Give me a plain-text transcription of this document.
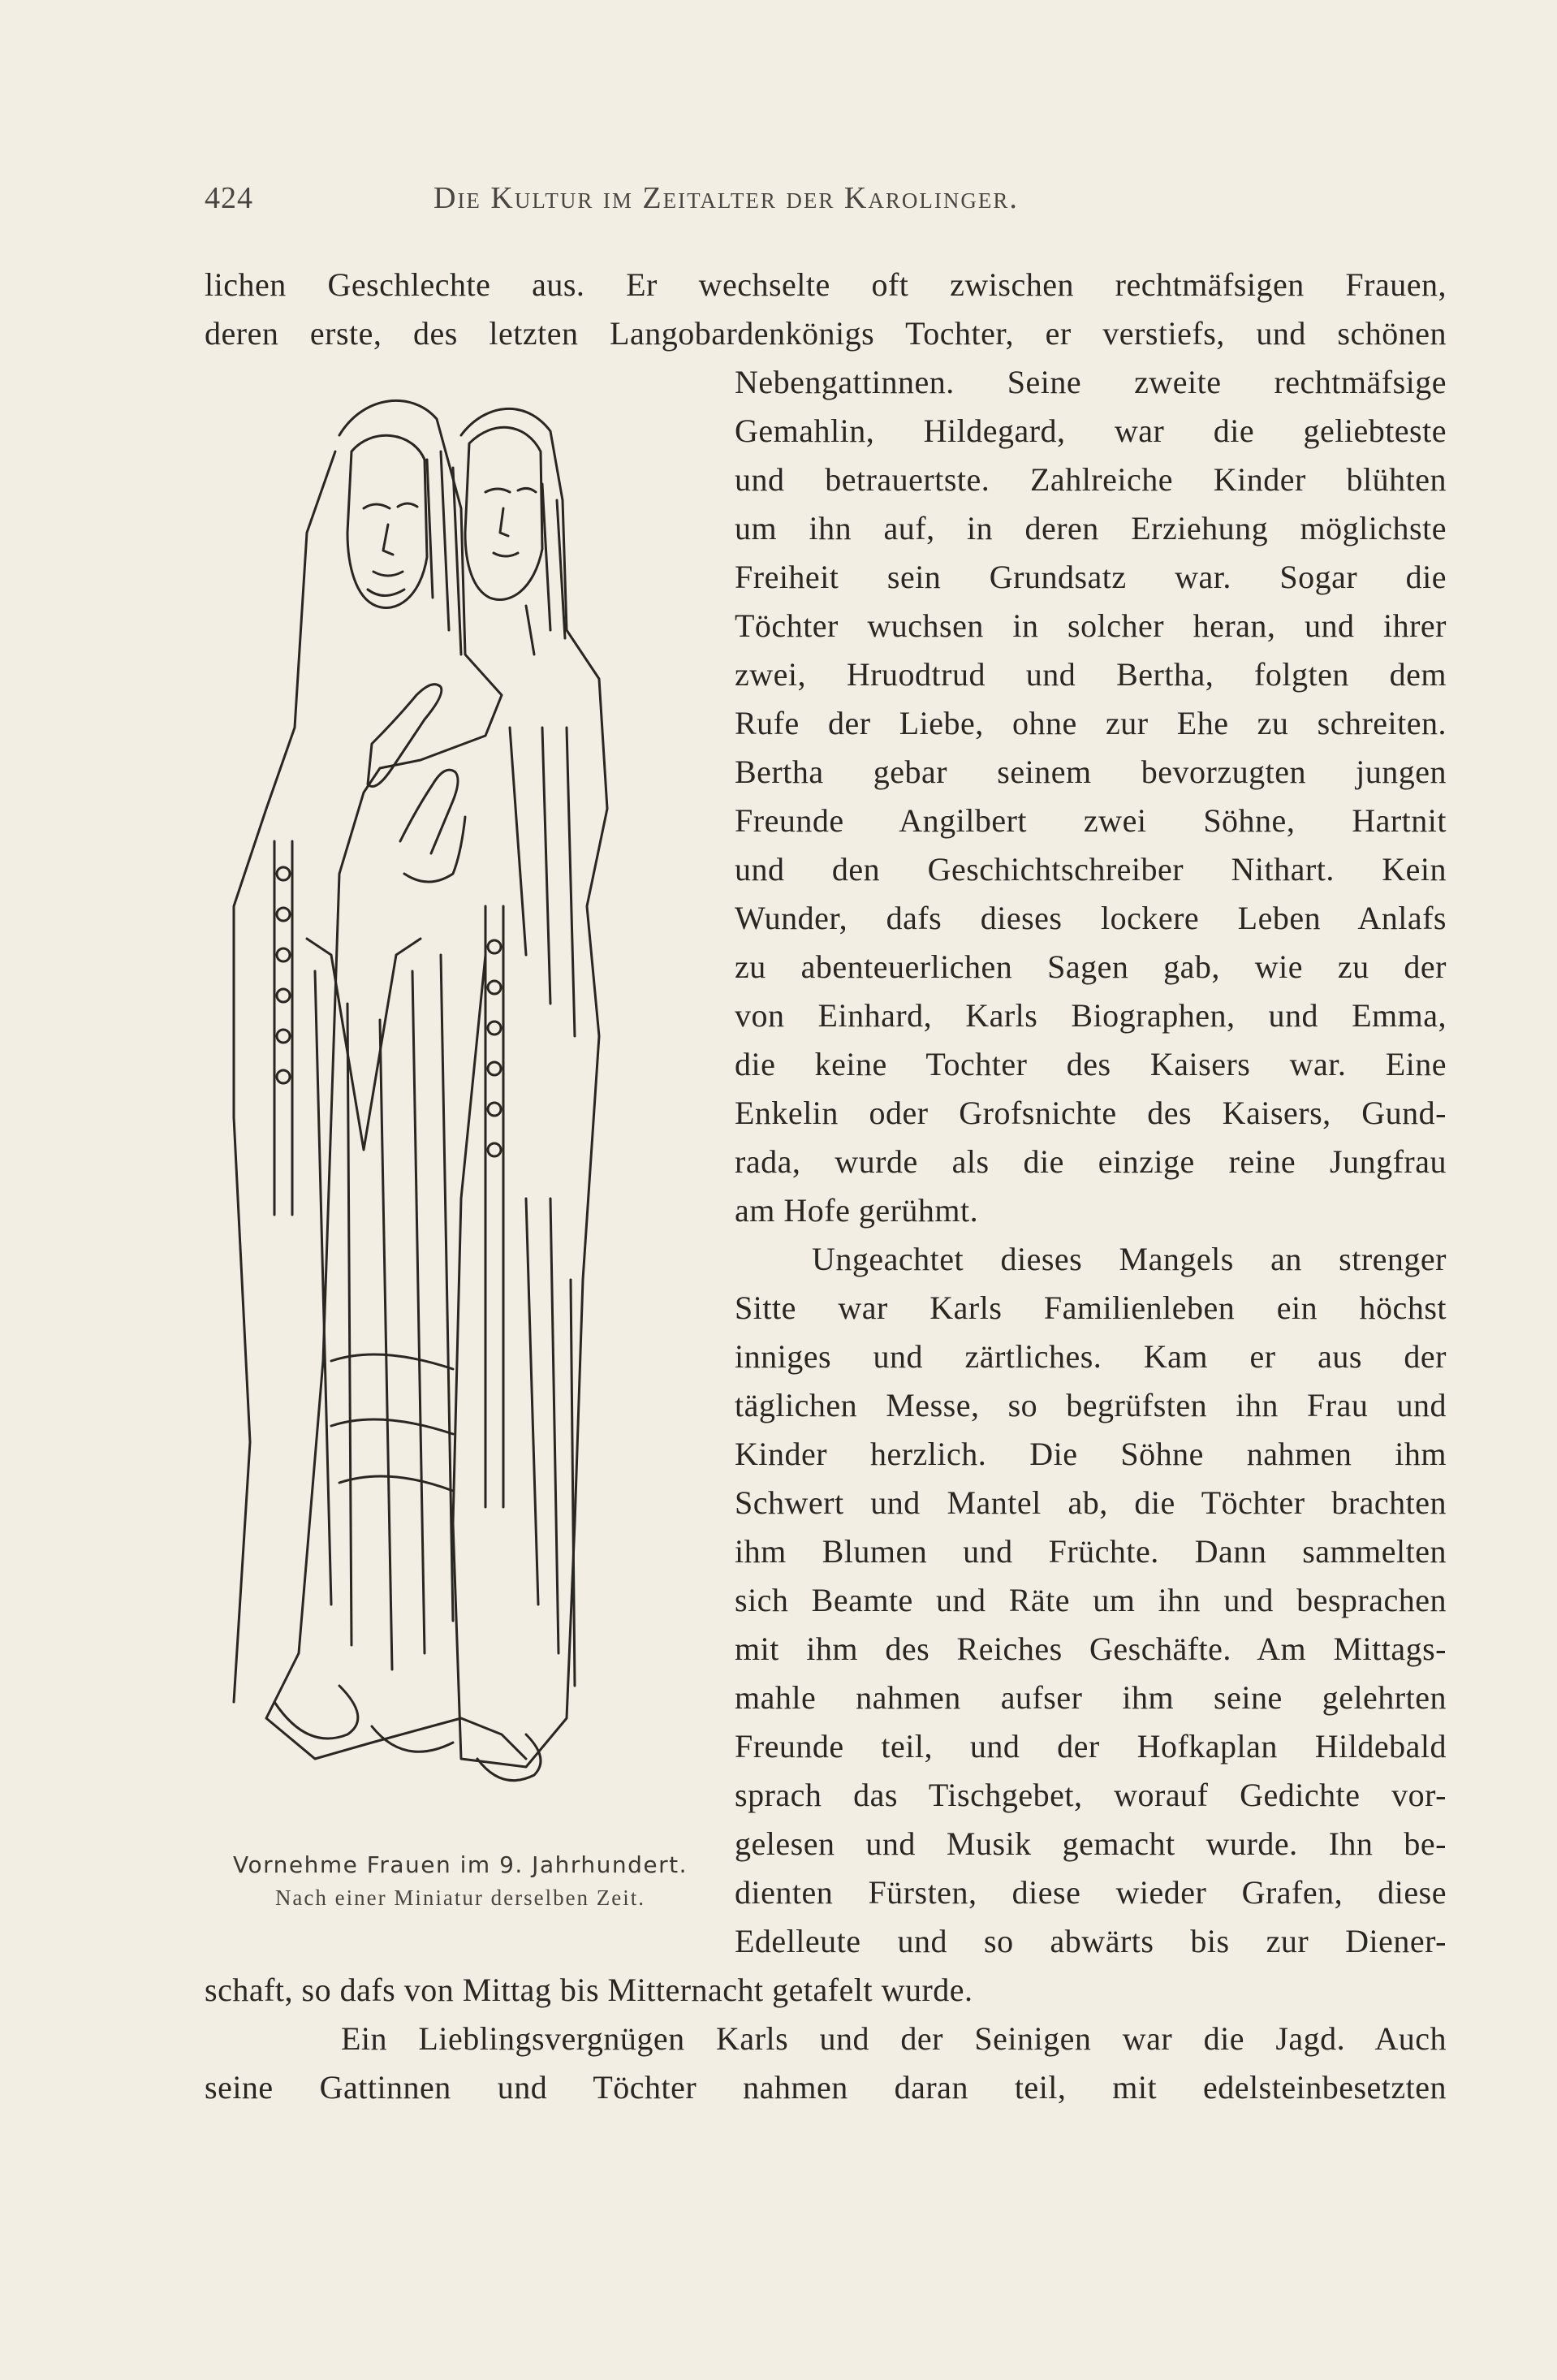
424	Die Kultur im Zeitalter der Karolinger.
lichen Geschlechte aus. Er wechselte oft zwischen rechtmäfsigen Frauen,
deren erste, des letzten Langobardenkönigs Tochter, er verstiefs, und schönen
Nebengattinnen. Seine zweite rechtmäfsige
Gemahlin, Hildegard, war die geliebteste
und betrauertste. Zahlreiche Kinder blühten
um ihn auf, in deren Erziehung möglichste
Freiheit sein Grundsatz war. Sogar die
Töchter wuchsen in solcher heran, und ihrer
zwei, Hruodtrud und Bertha, folgten dem
Rufe der Liebe, ohne zur Ehe zu schreiten.
Bertha gebar seinem bevorzugten jungen
Freunde Angilbert zwei Söhne, Hartnit
und den Geschichtschreiber Nithart. Kein
Wunder, dafs dieses lockere Leben Anlafs
zu abenteuerlichen Sagen gab, wie zu der
von Einhard, Karls Biographen, und Emma,
die keine Tochter des Kaisers war. Eine
Enkelin oder Grofsnichte des Kaisers, Gund-
rada, wurde als die einzige reine Jungfrau
am Hofe gerühmt.
Ungeachtet dieses Mangels an strenger
Sitte war Karls Familienleben ein höchst
inniges und zärtliches. Kam er aus der
täglichen Messe, so begrüfsten ihn Frau und
Kinder herzlich. Die Söhne nahmen ihm
Schwert und Mantel ab, die Töchter brachten
ihm Blumen und Früchte. Dann sammelten
sich Beamte und Räte um ihn und besprachen
mit ihm des Reiches Geschäfte. Am Mittags-
mahle nahmen aufser ihm seine gelehrten
Freunde teil, und der Hofkaplan Hildebald
sprach das Tischgebet, worauf Gedichte vor-
gelesen und Musik gemacht wurde. Ihn be-
dienten Fürsten, diese wieder Grafen, diese
Edelleute und so abwärts bis zur Diener-
schaft, so dafs von Mittag bis Mitternacht getafelt wurde.
Ein Lieblingsvergnügen Karls und der Seinigen war die Jagd. Auch
seine Gattinnen und Töchter nahmen daran teil, mit edelsteinbesetzten
Vornehme Frauen im 9. Jahrhundert.
Nach einer Miniatur derselben Zeit.
